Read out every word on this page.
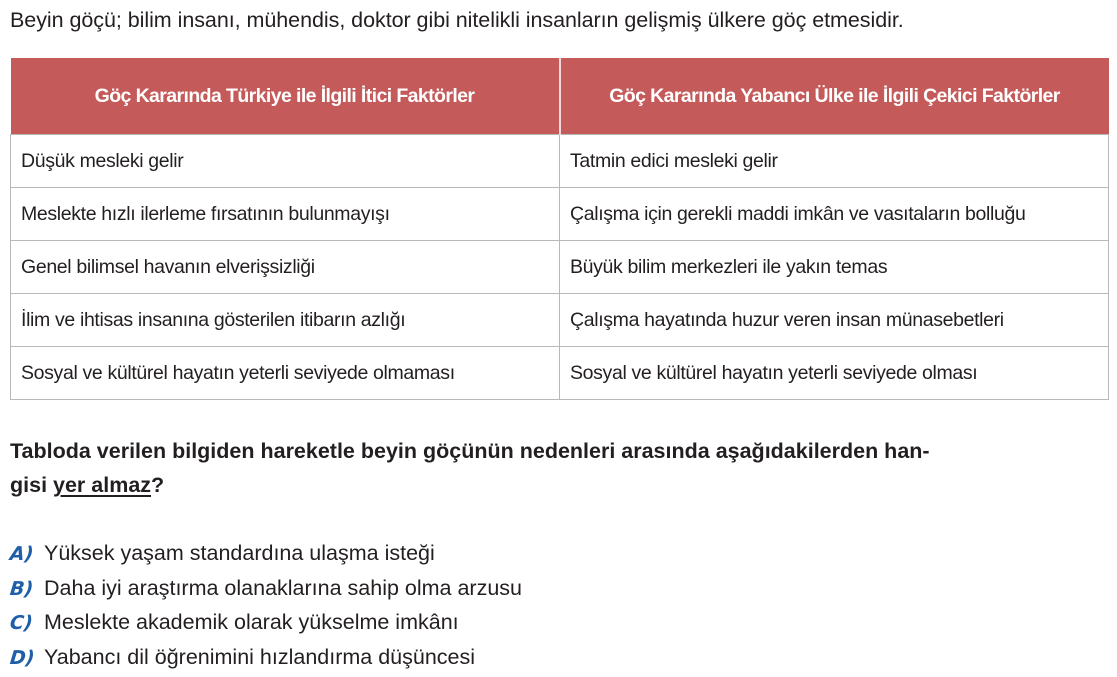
Beyin göçü; bilim insanı, mühendis, doktor gibi nitelikli insanların gelişmiş ülkere göç etmesidir.
Göç Kararında Türkiye ile İlgili İtici Faktörler	Göç Kararında Yabancı Ülke ile İlgili Çekici Faktörler
Düşük mesleki gelir	Tatmin edici mesleki gelir
Meslekte hızlı ilerleme fırsatının bulunmayışı	Çalışma için gerekli maddi imkân ve vasıtaların bolluğu
Genel bilimsel havanın elverişsizliği	Büyük bilim merkezleri ile yakın temas
İlim ve ihtisas insanına gösterilen itibarın azlığı	Çalışma hayatında huzur veren insan münasebetleri
Sosyal ve kültürel hayatın yeterli seviyede olmaması	Sosyal ve kültürel hayatın yeterli seviyede olması
Tabloda verilen bilgiden hareketle beyin göçünün nedenleri arasında aşağıdakilerden han-
gisi yer almaz?
A) Yüksek yaşam standardına ulaşma isteği
B) Daha iyi araştırma olanaklarına sahip olma arzusu
C) Meslekte akademik olarak yükselme imkânı
D) Yabancı dil öğrenimini hızlandırma düşüncesi
